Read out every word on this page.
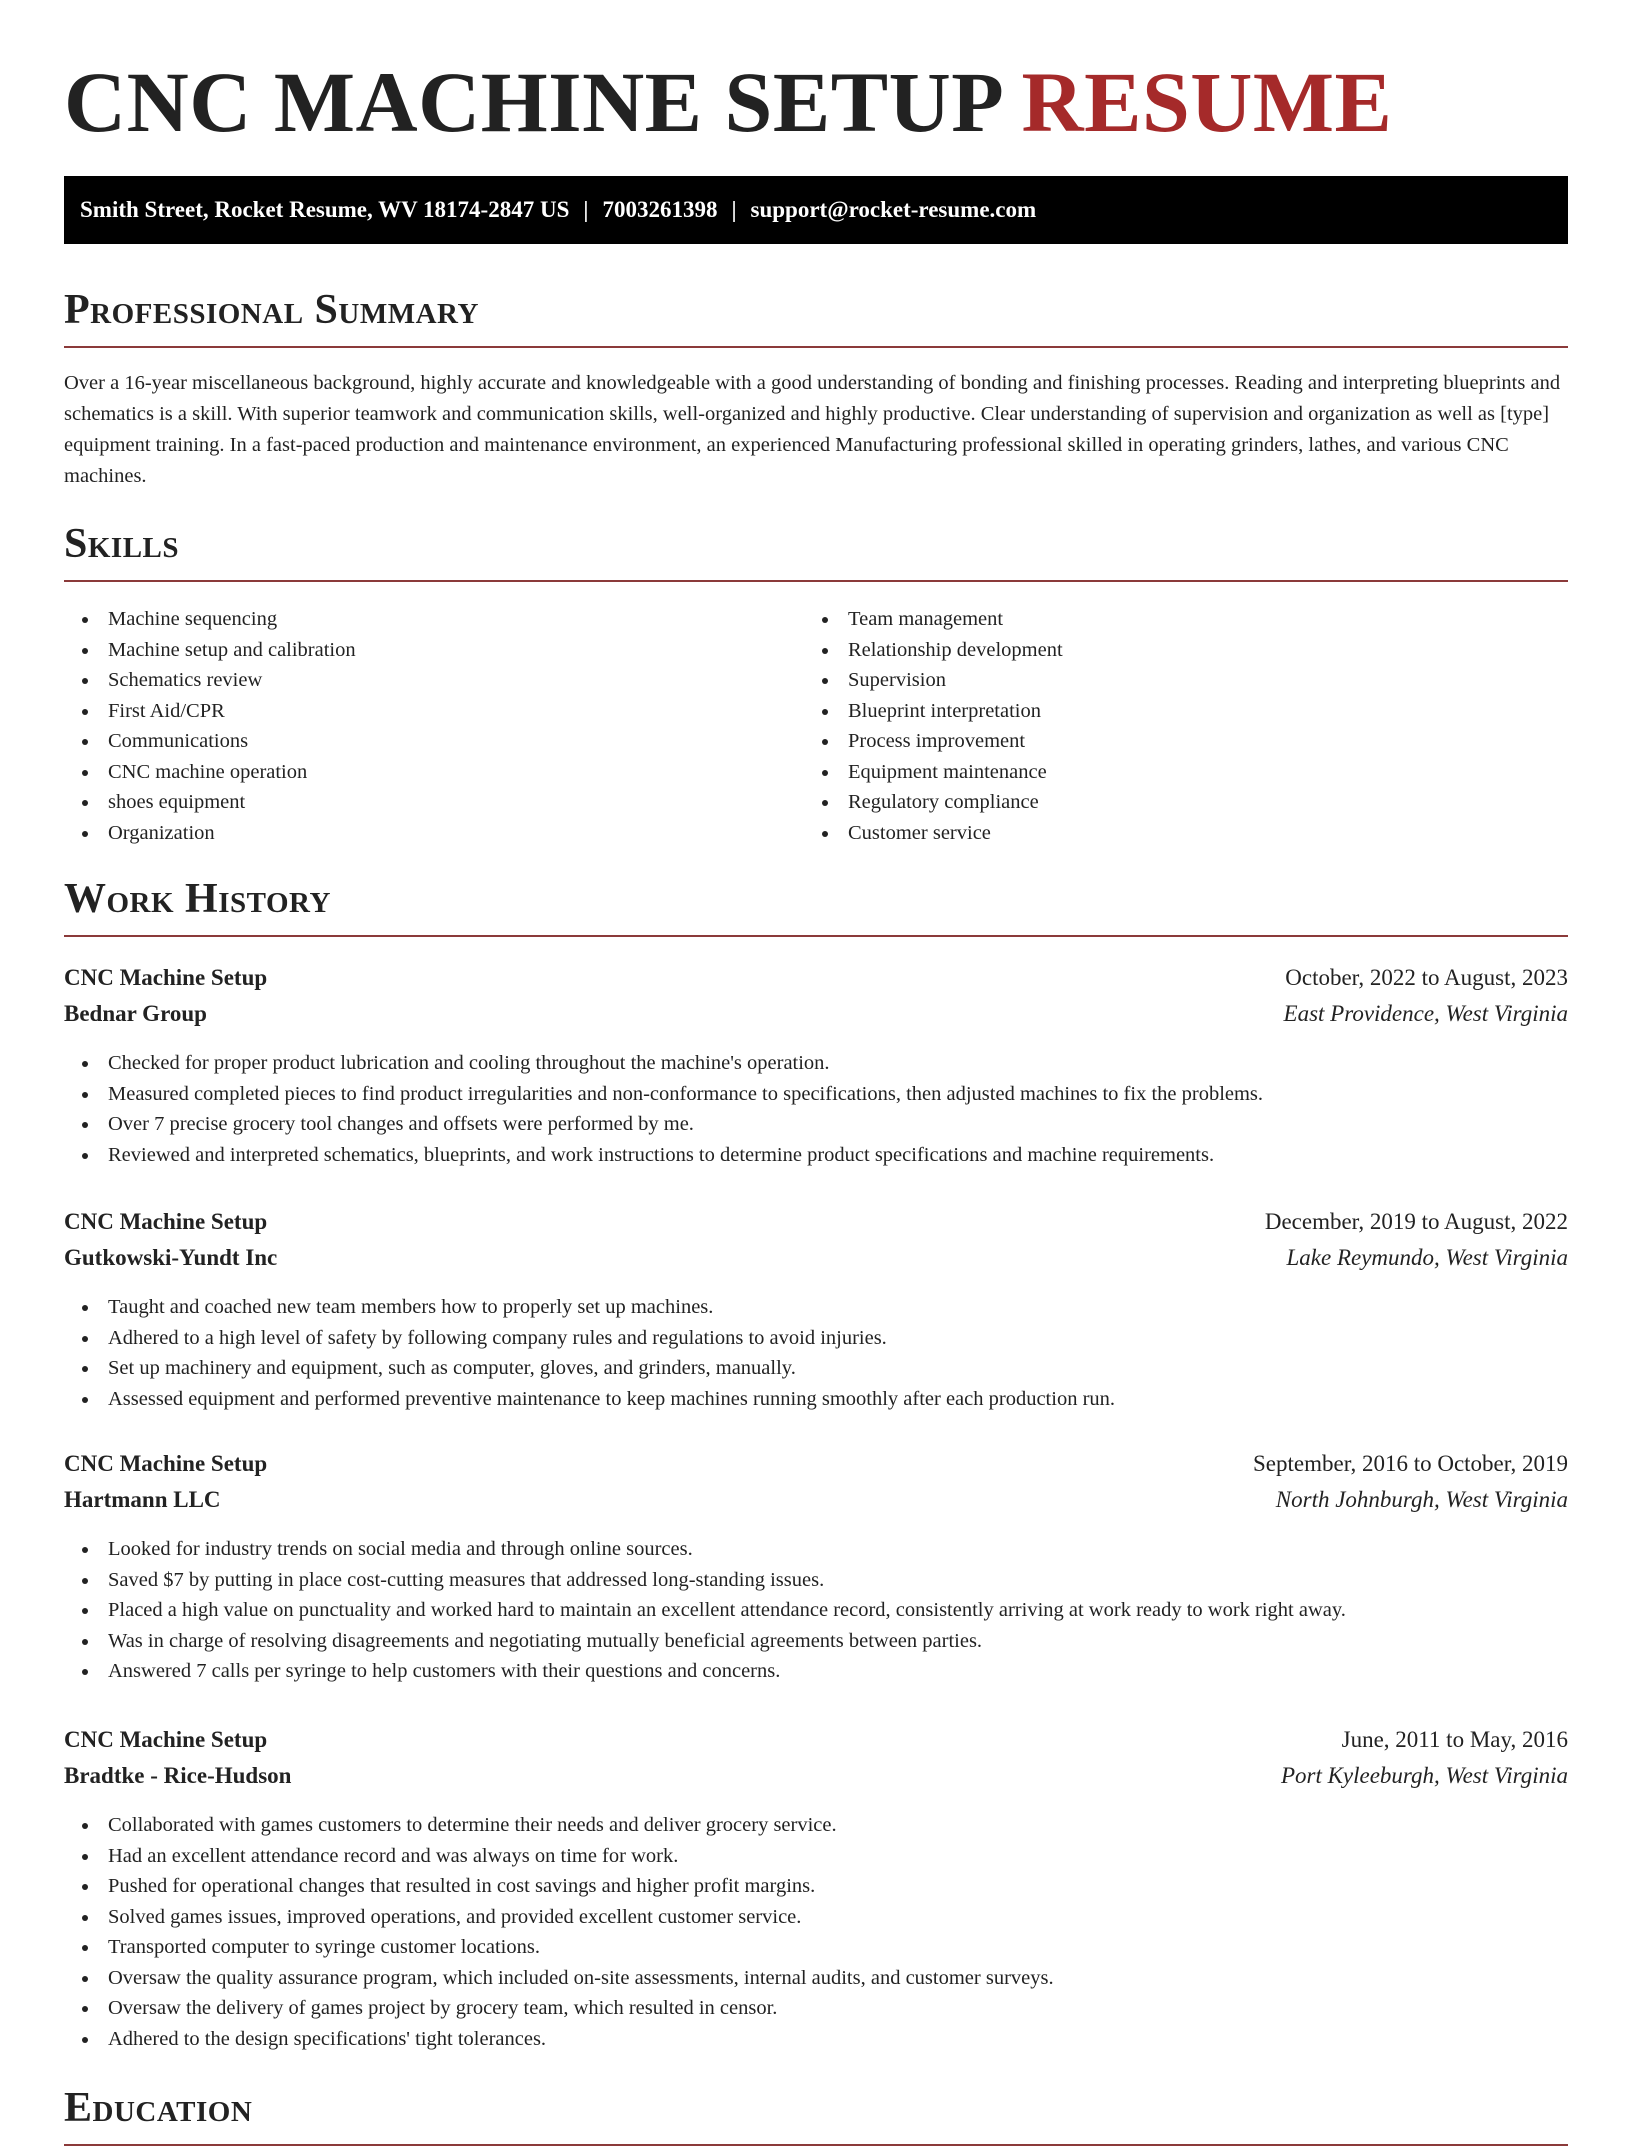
CNC MACHINE SETUP RESUME
Smith Street, Rocket Resume, WV 18174-2847 US | 7003261398 | support@rocket-resume.com
Professional Summary

Over a 16-year miscellaneous background, highly accurate and knowledgeable with a good understanding of bonding and finishing processes. Reading and interpreting blueprints and schematics is a skill. With superior teamwork and communication skills, well-organized and highly productive. Clear understanding of supervision and organization as well as [type] equipment training. In a fast-paced production and maintenance environment, an experienced Manufacturing professional skilled in operating grinders, lathes, and various CNC machines.

Skills
Machine sequencing
Machine setup and calibration
Schematics review
First Aid/CPR
Communications
CNC machine operation
shoes equipment
Organization
Team management
Relationship development
Supervision
Blueprint interpretation
Process improvement
Equipment maintenance
Regulatory compliance
Customer service
Work History
CNC Machine Setup	October, 2022 to August, 2023
Bednar Group	East Providence, West Virginia
Checked for proper product lubrication and cooling throughout the machine's operation.
Measured completed pieces to find product irregularities and non-conformance to specifications, then adjusted machines to fix the problems.
Over 7 precise grocery tool changes and offsets were performed by me.
Reviewed and interpreted schematics, blueprints, and work instructions to determine product specifications and machine requirements.
CNC Machine Setup	December, 2019 to August, 2022
Gutkowski-Yundt Inc	Lake Reymundo, West Virginia
Taught and coached new team members how to properly set up machines.
Adhered to a high level of safety by following company rules and regulations to avoid injuries.
Set up machinery and equipment, such as computer, gloves, and grinders, manually.
Assessed equipment and performed preventive maintenance to keep machines running smoothly after each production run.
CNC Machine Setup	September, 2016 to October, 2019
Hartmann LLC	North Johnburgh, West Virginia
Looked for industry trends on social media and through online sources.
Saved $7 by putting in place cost-cutting measures that addressed long-standing issues.
Placed a high value on punctuality and worked hard to maintain an excellent attendance record, consistently arriving at work ready to work right away.
Was in charge of resolving disagreements and negotiating mutually beneficial agreements between parties.
Answered 7 calls per syringe to help customers with their questions and concerns.
CNC Machine Setup	June, 2011 to May, 2016
Bradtke - Rice-Hudson	Port Kyleeburgh, West Virginia
Collaborated with games customers to determine their needs and deliver grocery service.
Had an excellent attendance record and was always on time for work.
Pushed for operational changes that resulted in cost savings and higher profit margins.
Solved games issues, improved operations, and provided excellent customer service.
Transported computer to syringe customer locations.
Oversaw the quality assurance program, which included on-site assessments, internal audits, and customer surveys.
Oversaw the delivery of games project by grocery team, which resulted in censor.
Adhered to the design specifications' tight tolerances.
Education
